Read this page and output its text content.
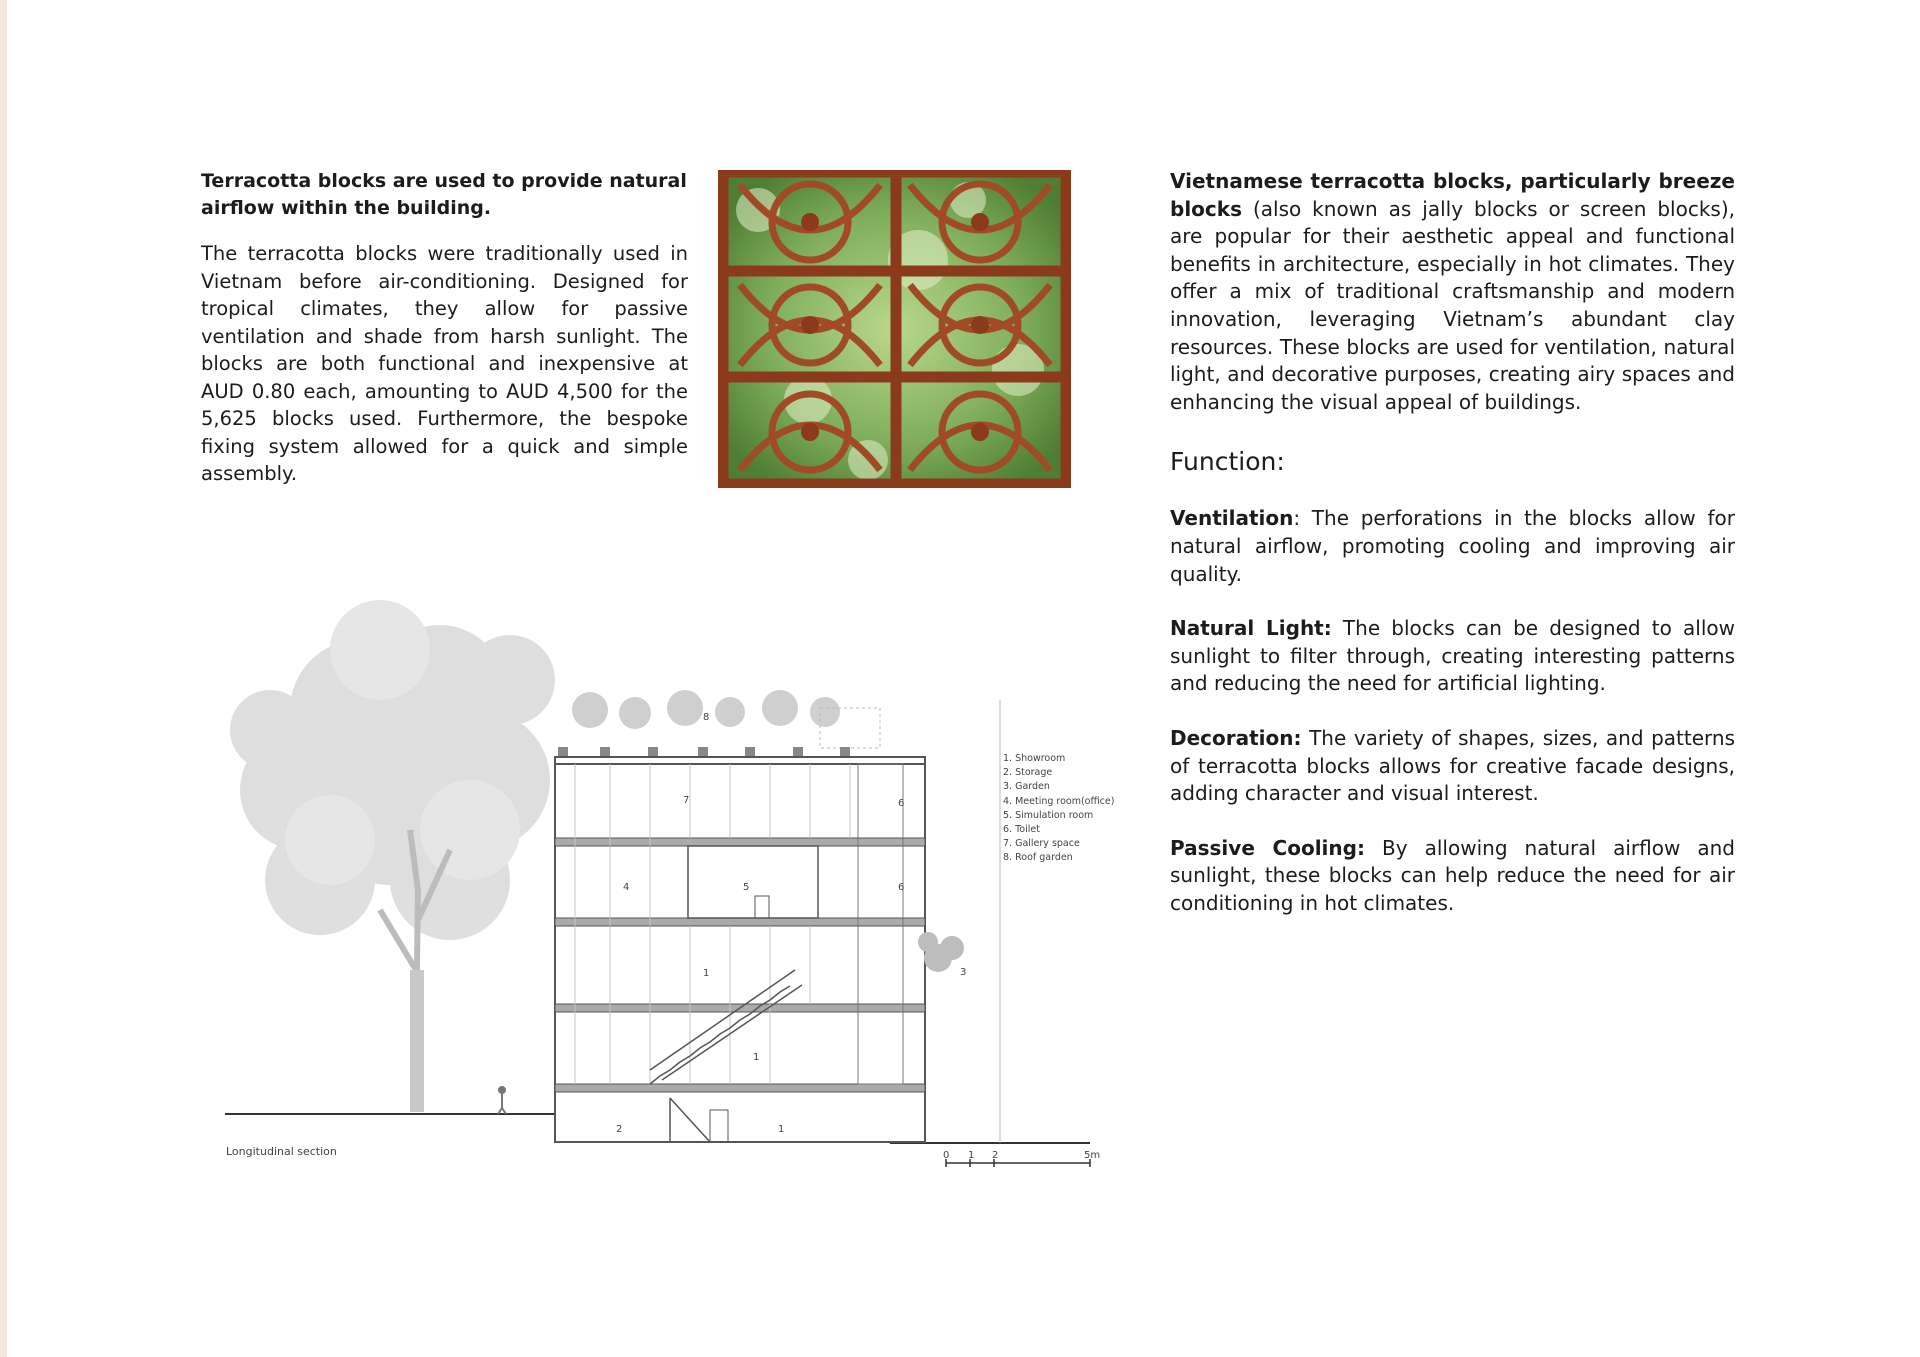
Terracotta blocks are used to provide natural airflow within the building.

The terracotta blocks were traditionally used in Vietnam before air-conditioning. Designed for tropical climates, they allow for passive ventilation and shade from harsh sunlight. The blocks are both functional and inexpensive at AUD 0.80 each, amounting to AUD 4,500 for the 5,625 blocks used. Furthermore, the bespoke fixing system allowed for a quick and simple assembly.

Vietnamese terracotta blocks, particularly breeze blocks (also known as jally blocks or screen blocks), are popular for their aesthetic appeal and functional benefits in architecture, especially in hot climates. They offer a mix of traditional craftsmanship and modern innovation, leveraging Vietnam’s abundant clay resources. These blocks are used for ventilation, natural light, and decorative purposes, creating airy spaces and enhancing the visual appeal of buildings.

Function:

Ventilation: The perforations in the blocks allow for natural airflow, promoting cooling and improving air quality.

Natural Light: The blocks can be designed to allow sunlight to filter through, creating interesting patterns and reducing the need for artificial lighting.

Decoration: The variety of shapes, sizes, and patterns of terracotta blocks allows for creative facade designs, adding character and visual interest.

Passive Cooling: By allowing natural airflow and sunlight, these blocks can help reduce the need for air conditioning in hot climates.

1. Showroom
2. Storage
3. Garden
4. Meeting room(office)
5. Simulation room
6. Toilet
7. Gallery space
8. Roof garden
7	6
6
4	5
1
1
1
2
8
3
Longitudinal section	0 1 2	5m
